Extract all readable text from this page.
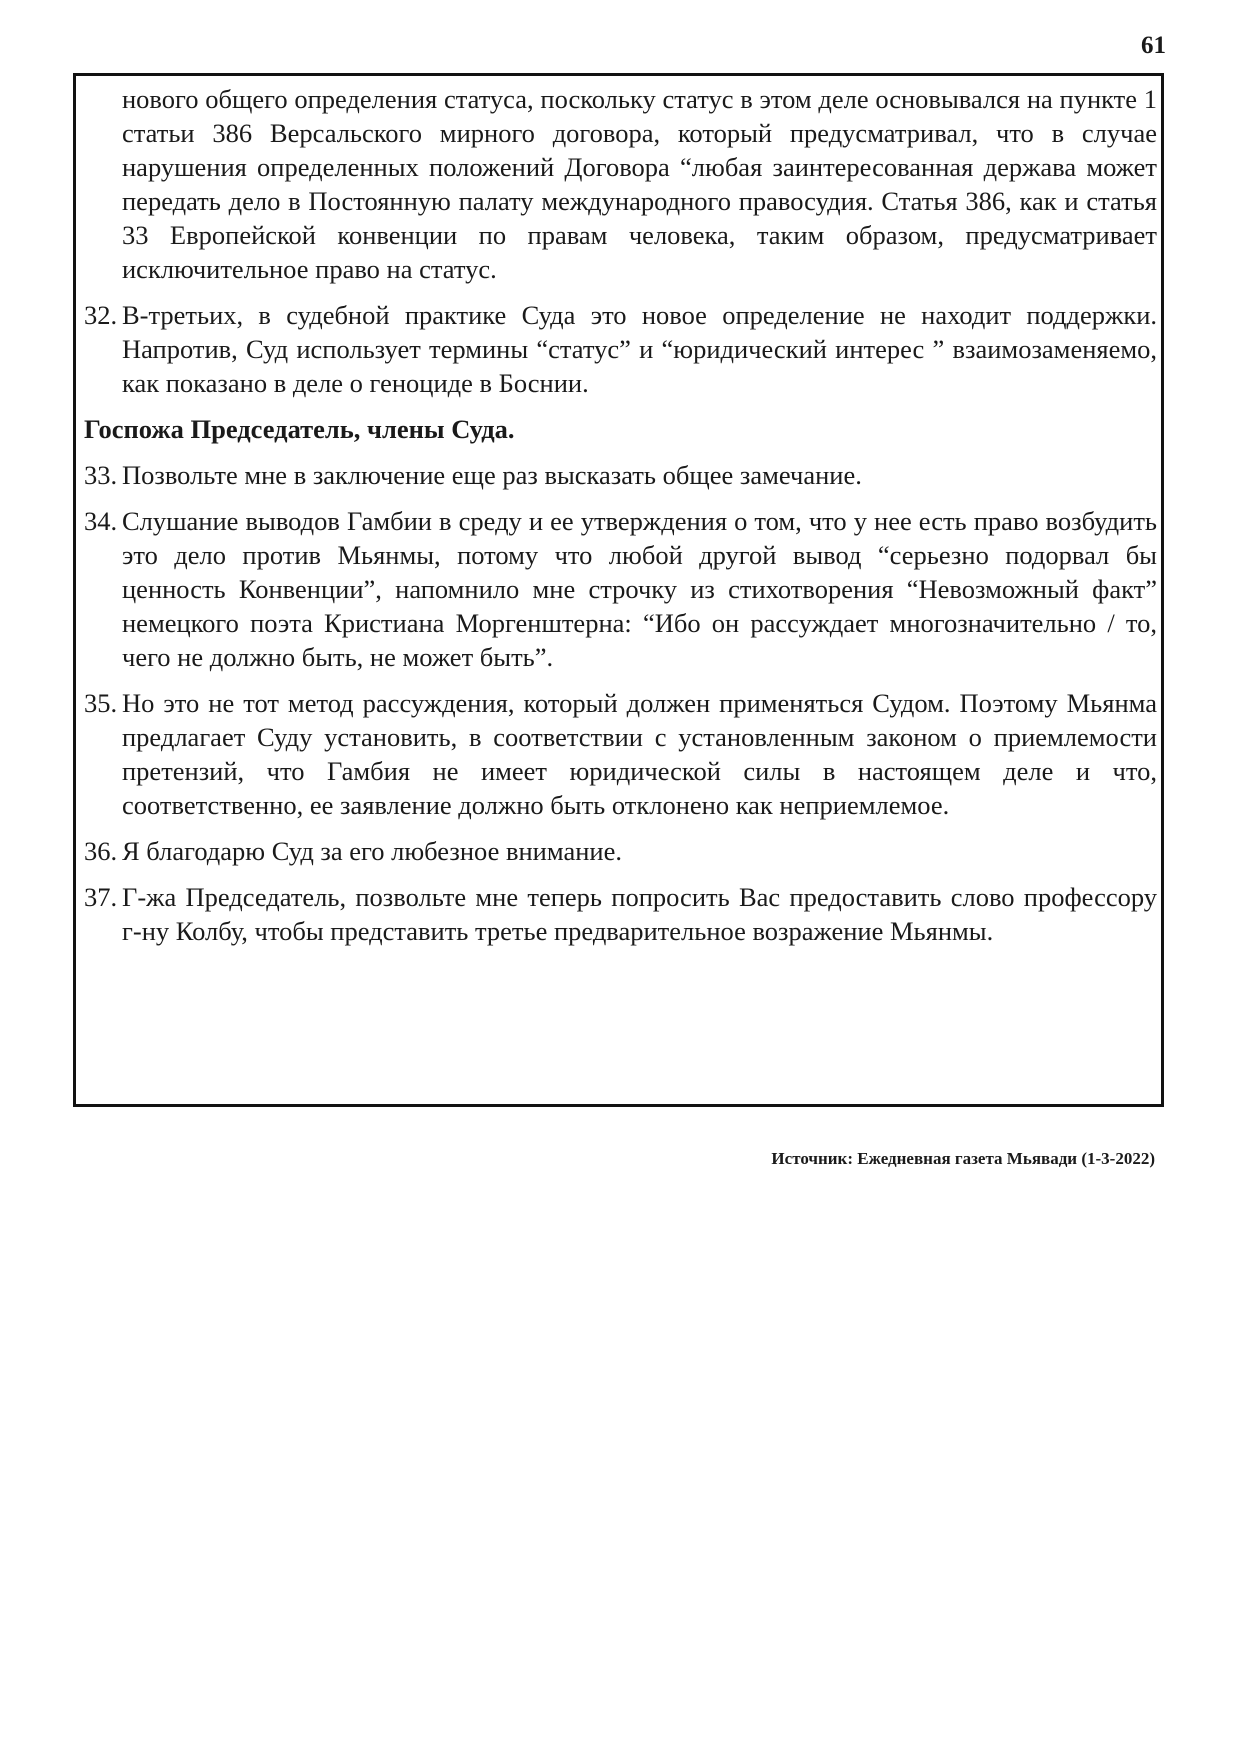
61
нового общего определения статуса, поскольку статус в этом деле основывался на пункте 1 статьи 386 Версальского мирного договора, который предусматривал, что в случае нарушения определенных положений Договора “любая заинтересованная держава может передать дело в Постоянную палату международного правосудия. Статья 386, как и статья 33 Европейской конвенции по правам человека, таким образом, предусматривает исключительное право на статус.
32. В-третьих, в судебной практике Суда это новое определение не находит поддержки. Напротив, Суд использует термины “статус” и “юридический интерес ” взаимозаменяемо, как показано в деле о геноциде в Боснии.
Госпожа Председатель, члены Суда.
33. Позвольте мне в заключение еще раз высказать общее замечание.
34. Слушание выводов Гамбии в среду и ее утверждения о том, что у нее есть право возбудить это дело против Мьянмы, потому что любой другой вывод “серьезно подорвал бы ценность Конвенции”, напомнило мне строчку из стихотворения “Невозможный факт” немецкого поэта Кристиана Моргенштерна: “Ибо он рассуждает многозначительно / то, чего не должно быть, не может быть”.
35. Но это не тот метод рассуждения, который должен применяться Судом. Поэтому Мьянма предлагает Суду установить, в соответствии с установленным законом о приемлемости претензий, что Гамбия не имеет юридической силы в настоящем деле и что, соответственно, ее заявление должно быть отклонено как неприемлемое.
36. Я благодарю Суд за его любезное внимание.
37. Г-жа Председатель, позвольте мне теперь попросить Вас предоставить слово профессору г-ну Колбу, чтобы представить третье предварительное возражение Мьянмы.
Источник: Ежедневная газета Мьявади (1-3-2022)
